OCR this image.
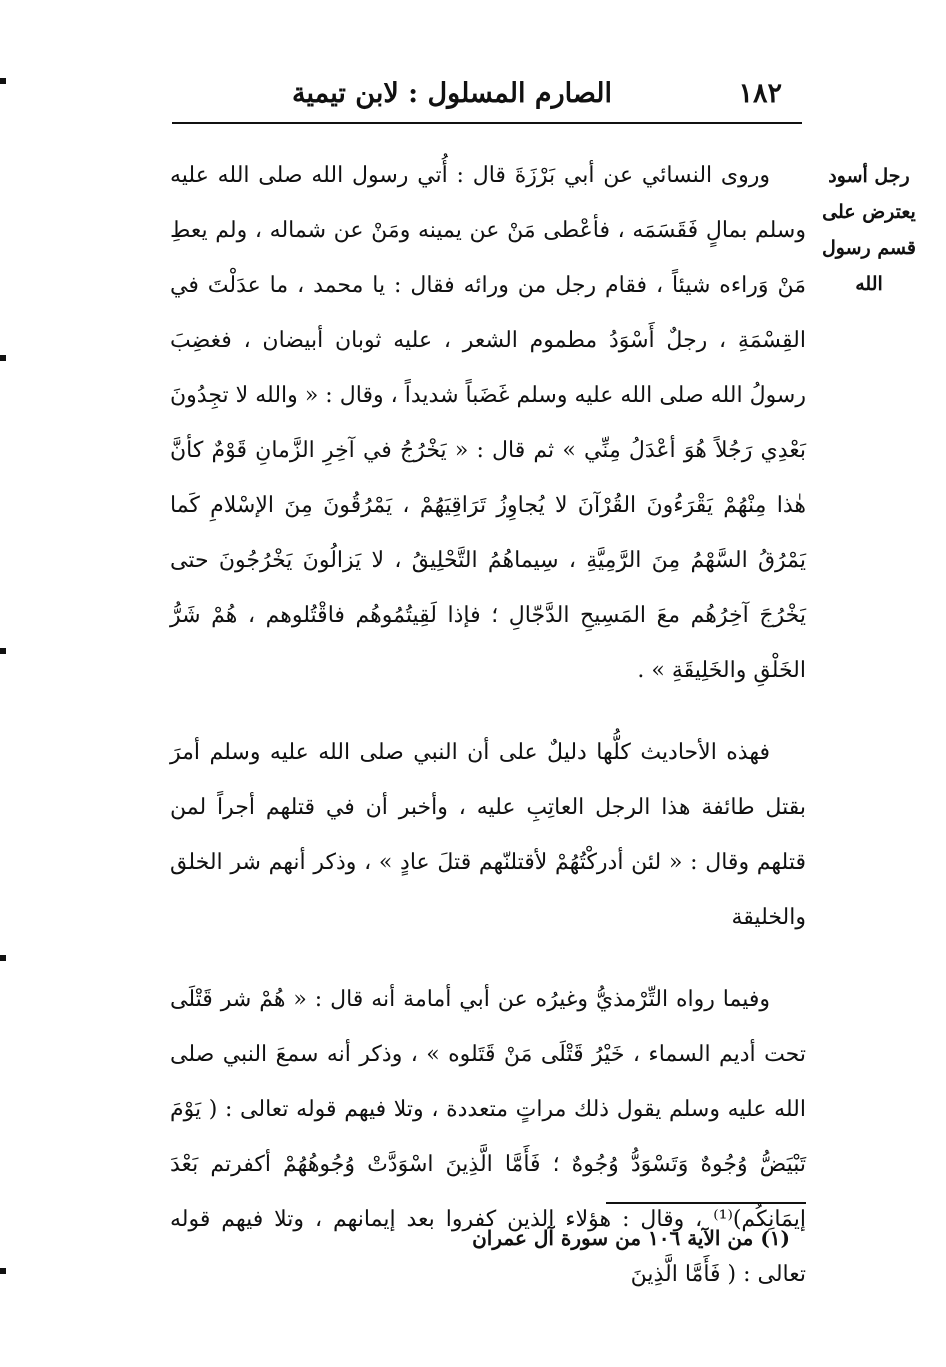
١٨٢
الصارم المسلول : لابن تيمية
رجل أسود يعترض على قسم رسول الله

وروى النسائي عن أبي بَرْزَةَ قال : أُتي رسول الله صلى الله عليه وسلم بمالٍ فَقَسَمَه ، فأعْطى مَنْ عن يمينه ومَنْ عن شماله ، ولم يعطِ مَنْ وَراءه شيئاً ، فقام رجل من ورائه فقال : يا محمد ، ما عدَلْتَ في القِسْمَةِ ، رجلٌ أَسْوَدُ مطموم الشعر ، عليه ثوبان أبيضان ، فغضِبَ رسولُ الله صلى الله عليه وسلم غَضَباً شديداً ، وقال : « والله لا تجِدُونَ بَعْدِي رَجُلاً هُوَ أعْدَلُ مِنِّي » ثم قال : « يَخْرُجُ في آخِرِ الزَّمانِ قَوْمٌ كأنَّ هٰذا مِنْهُمْ يَقْرَءُونَ القُرْآنَ لا يُجاوِزُ تَرَاقِيَهُمْ ، يَمْرُقُونَ مِنَ الإسْلامِ كَما يَمْرُقُ السَّهْمُ مِنَ الرَّمِيَّةِ ، سِيماهُمُ التَّحْلِيقُ ، لا يَزالُونَ يَخْرُجُونَ حتى يَخْرُجَ آخِرُهُم معَ المَسِيحِ الدَّجّالِ ؛ فإذا لَقِيتُمُوهُم فاقْتُلوهم ، هُمْ شَرُّ الخَلْقِ والخَلِيقَةِ » .

فهذه الأحاديث كلُّها دليلٌ على أن النبي صلى الله عليه وسلم أمرَ بقتل طائفة هذا الرجل العاتِبِ عليه ، وأخبر أن في قتلهم أجراً لمن قتلهم وقال : « لئن أدركْتُهُمْ لأقتلنّهم قتلَ عادٍ » ، وذكر أنهم شر الخلق والخليقة

وفيما رواه التِّرْمذيُّ وغيرُه عن أبي أمامة أنه قال : « هُمْ شر قَتْلَى تحت أديم السماء ، خَيْرُ قَتْلَى مَنْ قَتَلوه » ، وذكر أنه سمعَ النبي صلى الله عليه وسلم يقول ذلك مراتٍ متعددة ، وتلا فيهم قوله تعالى : ( يَوْمَ تَبْيَضُّ وُجُوهٌ وَتَسْوَدُّ وُجُوهٌ ؛ فَأَمَّا الَّذِينَ اسْوَدَّتْ وُجُوهُهُمْ أكفرتم بَعْدَ إيمَانِكُم)⁽¹⁾ ، وقال : هؤلاء الذين كفروا بعد إيمانهم ، وتلا فيهم قوله تعالى : ( فَأَمَّا الَّذِينَ

(١) من الآية ١٠٦ من سورة آل عمران
